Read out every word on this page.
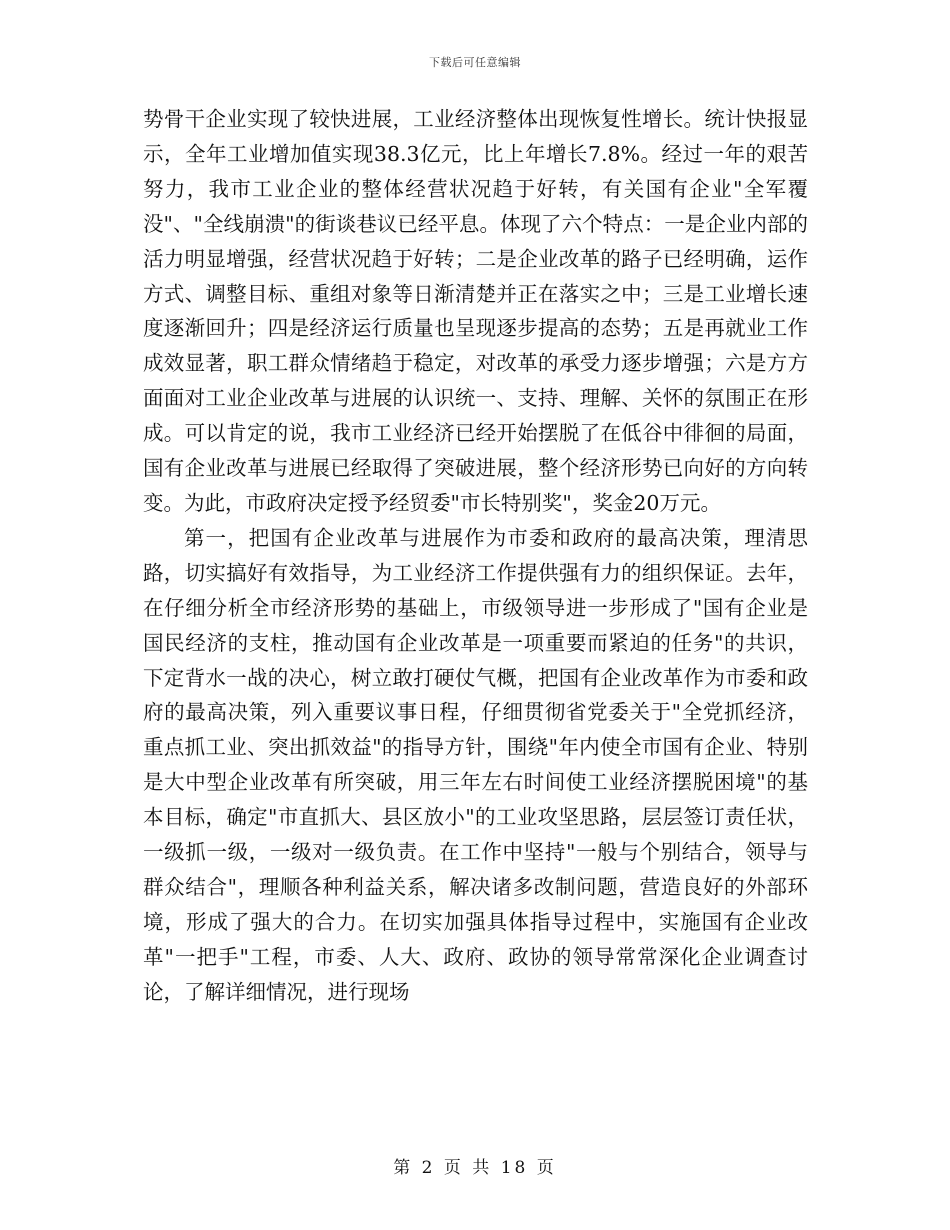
下载后可任意编辑

势骨干企业实现了较快进展，工业经济整体出现恢复性增长。统计快报显示，全年工业增加值实现38.3亿元，比上年增长7.8%。经过一年的艰苦努力，我市工业企业的整体经营状况趋于好转，有关国有企业"全军覆没"、"全线崩溃"的街谈巷议已经平息。体现了六个特点：一是企业内部的活力明显增强，经营状况趋于好转；二是企业改革的路子已经明确，运作方式、调整目标、重组对象等日渐清楚并正在落实之中；三是工业增长速度逐渐回升；四是经济运行质量也呈现逐步提高的态势；五是再就业工作成效显著，职工群众情绪趋于稳定，对改革的承受力逐步增强；六是方方面面对工业企业改革与进展的认识统一、支持、理解、关怀的氛围正在形成。可以肯定的说，我市工业经济已经开始摆脱了在低谷中徘徊的局面，国有企业改革与进展已经取得了突破进展，整个经济形势已向好的方向转变。为此，市政府决定授予经贸委"市长特别奖"，奖金20万元。

第一，把国有企业改革与进展作为市委和政府的最高决策，理清思路，切实搞好有效指导，为工业经济工作提供强有力的组织保证。去年，在仔细分析全市经济形势的基础上，市级领导进一步形成了"国有企业是国民经济的支柱，推动国有企业改革是一项重要而紧迫的任务"的共识，下定背水一战的决心，树立敢打硬仗气概，把国有企业改革作为市委和政府的最高决策，列入重要议事日程，仔细贯彻省党委关于"全党抓经济，重点抓工业、突出抓效益"的指导方针，围绕"年内使全市国有企业、特别是大中型企业改革有所突破，用三年左右时间使工业经济摆脱困境"的基本目标，确定"市直抓大、县区放小"的工业攻坚思路，层层签订责任状，一级抓一级，一级对一级负责。在工作中坚持"一般与个别结合，领导与群众结合"，理顺各种利益关系，解决诸多改制问题，营造良好的外部环境，形成了强大的合力。在切实加强具体指导过程中，实施国有企业改革"一把手"工程，市委、人大、政府、政协的领导常常深化企业调查讨论，了解详细情况，进行现场

第 2 页 共 18 页
